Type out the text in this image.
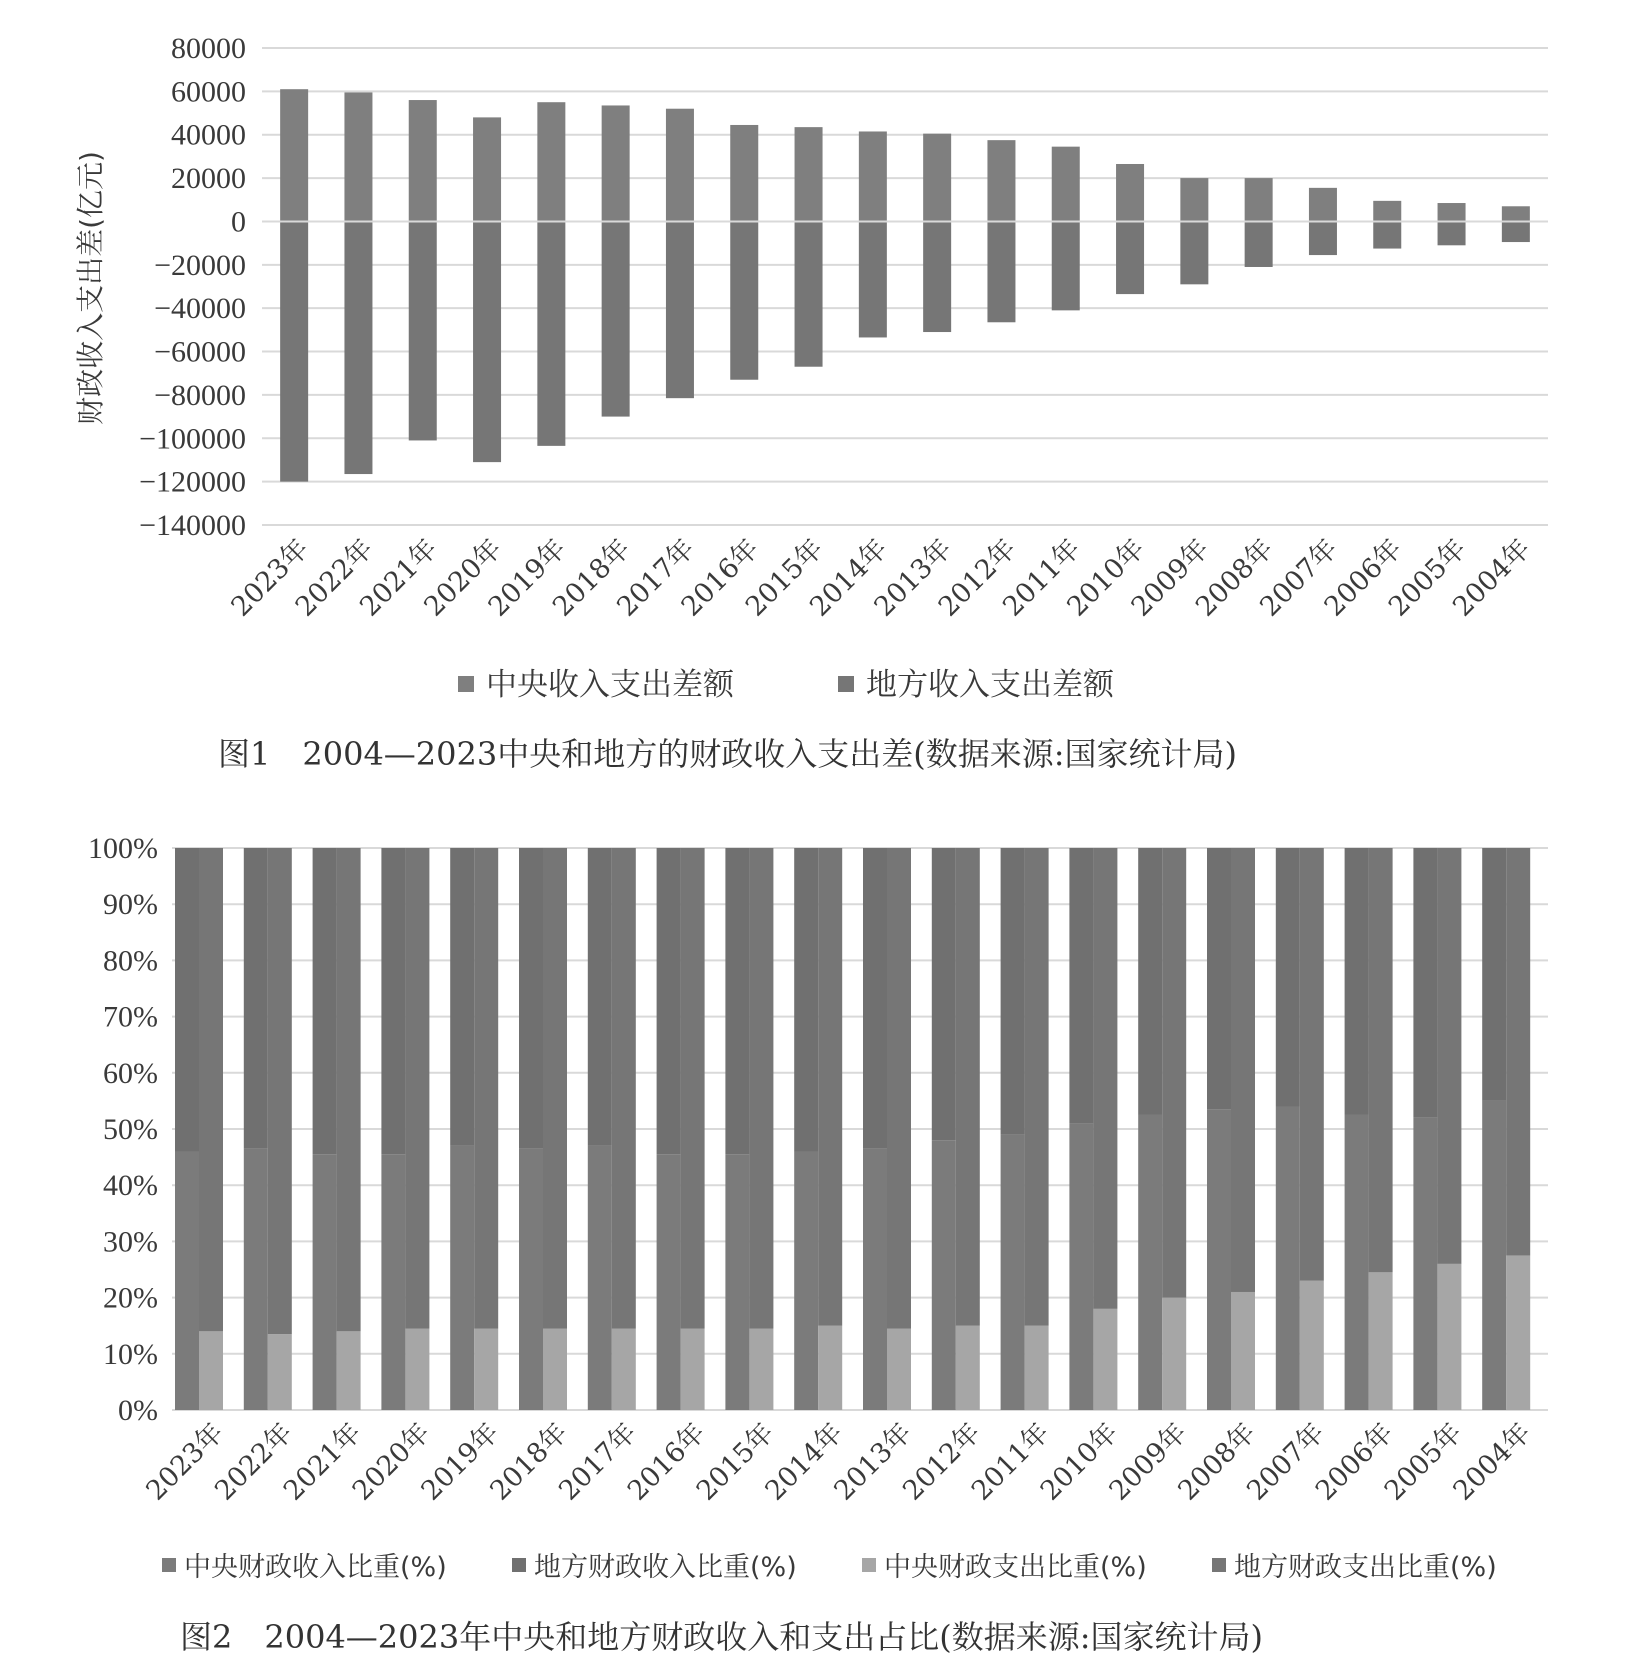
80000
60000
40000
20000
0
−20000
−40000
−60000
−80000
−100000
−120000
−140000
2023年
2022年
2021年
2020年
2019年
2018年
2017年
2016年
2015年
2014年
2013年
2012年
2011年
2010年
2009年
2008年
2007年
2006年
2005年
2004年
财政收入支出差(亿元)
中央收入支出差额	地方收入支出差额
图1　2004—2023中央和地方的财政收入支出差(数据来源:国家统计局)
100%
90%
80%
70%
60%
50%
40%
30%
20%
10%
0%
2023年
2022年
2021年
2020年
2019年
2018年
2017年
2016年
2015年
2014年
2013年
2012年
2011年
2010年
2009年
2008年
2007年
2006年
2005年
2004年
中央财政收入比重(%)	地方财政收入比重(%)	中央财政支出比重(%)	地方财政支出比重(%)
图2　2004—2023年中央和地方财政收入和支出占比(数据来源:国家统计局)
